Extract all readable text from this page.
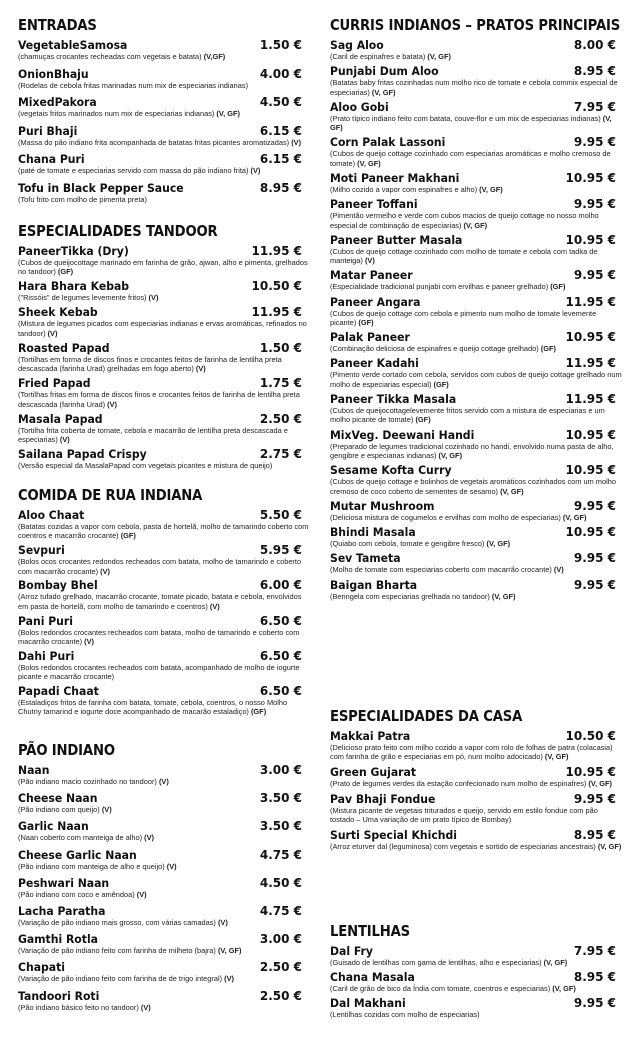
ENTRADAS
VegetableSamosa	1.50 €
(chamuças crocantes recheadas com vegetais e batata) (V,GF)
OnionBhaju	4.00 €
(Rodelas de cebola fritas marinadas num mix de especiarias indianas)
MixedPakora	4.50 €
(vegetais fritos marinados num mix de especiarias indianas) (V, GF)
Puri Bhaji	6.15 €
(Massa do pão indiano frita acompanhada de batatas fritas picantes aromatizadas) (V)
Chana Puri	6.15 €
(paté de tomate e especiarias servido com massa do pão indiano frita) (V)
Tofu in Black Pepper Sauce	8.95 €
(Tofu frito com molho de pimenta preta)
ESPECIALIDADES TANDOOR
PaneerTikka (Dry)	11.95 €
(Cubos de queijocottage marinado em farinha de grão, ajwan, alho e pimenta, grelhados no tandoor) (GF)
Hara Bhara Kebab	10.50 €
("Rissóis" de legumes levemente fritos) (V)
Sheek Kebab	11.95 €
(Mistura de legumes picados com especiarias indianas e ervas aromáticas, refinados no tandoor) (V)
Roasted Papad	1.50 €
(Tortilhas em forma de discos finos e crocantes feitos de farinha de lentilha preta descascada (farinha Urad) grelhadas em fogo aberto) (V)
Fried Papad	1.75 €
(Tortilhas fritas em forma de discos finos e crocantes feitos de farinha de lentilha preta descascada (farinha Urad) (V)
Masala Papad	2.50 €
(Tortilha frita coberta de tomate, cebola e macarrão de lentilha preta descascada e especiarias) (V)
Sailana Papad Crispy	2.75 €
(Versão especial da MasalaPapad com vegetais picantes e mistura de queijo)
COMIDA DE RUA INDIANA
Aloo Chaat	5.50 €
(Batatas cozidas a vapor com cebola, pasta de hortelã, molho de tamarindo coberto com coentros e macarrão crocante) (GF)
Sevpuri	5.95 €
(Bolos ocos crocantes redondos recheados com batata, molho de tamarindo e coberto com macarrão crocante) (V)
Bombay Bhel	6.00 €
(Arroz tufado grelhado, macarrão crocante, tomate picado, batata e cebola, envolvidos em pasta de hortelã, com molho de tamarindo e coentros) (V)
Pani Puri	6.50 €
(Bolos redondos crocantes recheados com batata, molho de tamarindo e coberto com macarrão crocante) (V)
Dahi Puri	6.50 €
(Bolos redondos crocantes recheados com batata, acompanhado de molho de iogurte picante e macarrão crocante)
Papadi Chaat	6.50 €
(Estaladiços fritos de farinha com batata, tomate, cebola, coentros, o nosso Molho Chutny tamarind e iogurte doce acompanhado de macarão estaladiço) (GF)
PÃO INDIANO
Naan	3.00 €
(Pão indiano macio cozinhado no tandoor) (V)
Cheese Naan	3.50 €
(Pão indiano com queijo) (V)
Garlic Naan	3.50 €
(Naan coberto com manteiga de alho) (V)
Cheese Garlic Naan	4.75 €
(Pão indiano com manteiga de alho e queijo) (V)
Peshwari Naan	4.50 €
(Pão indiano com coco e amêndoa) (V)
Lacha Paratha	4.75 €
(Variação de pão indiano mais grosso, com várias camadas) (V)
Gamthi Rotla	3.00 €
(Variação de pão indiano feito com farinha de milheto (bajra) (V, GF)
Chapati	2.50 €
(Variação de pão indiano feito com farinha de de trigo integral) (V)
Tandoori Roti	2.50 €
(Pão indiano básico feito no tandoor) (V)
CURRIS INDIANOS – PRATOS PRINCIPAIS
Sag Aloo	8.00 €
(Caril de espinafres e batata) (V, GF)
Punjabi Dum Aloo	8.95 €
(Batatas baby fritas cozinhadas num molho rico de tomate e cebola commix especial de especiarias) (V, GF)
Aloo Gobi	7.95 €
(Prato típico indiano feito com batata, couve-flor e um mix de especiarias indianas) (V, GF)
Corn Palak Lassoni	9.95 €
(Cubos de queijo cottage cozinhado com especiarias aromáticas e molho cremoso de tomate) (V, GF)
Moti Paneer Makhani	10.95 €
(Milho cozido a vapor com espinafres e alho) (V, GF)
Paneer Toffani	9.95 €
(Pimentão vermelho e verde com cubos macios de queijo cottage no nosso molho especial de combinação de especiarias) (V, GF)
Paneer Butter Masala	10.95 €
(Cubos de queijo cottage cozinhado com molho de tomate e cebola com tadka de manteiga) (V)
Matar Paneer	9.95 €
(Especialidade tradicional punjabi com ervilhas e paneer grelhado) (GF)
Paneer Angara	11.95 €
(Cubos de queijo cottage com cebola e pimento num molho de tomate levemente picante) (GF)
Palak Paneer	10.95 €
(Combinação deliciosa de espinafres e queijo cottage grelhado) (GF)
Paneer Kadahi	11.95 €
(Pimento verde cortado com cebola, servidos com cubos de queijo cottage grelhado num molho de especiarias especial) (GF)
Paneer Tikka Masala	11.95 €
(Cubos de queijocottagelevemente fritos servido com a mistura de especiarias e um molho picante de tomate) (GF)
MixVeg. Deewani Handi	10.95 €
(Preparado de legumes tradicional cozinhado no handi, envolvido numa pasta de alho, gengibre e especiarias indianas) (V, GF)
Sesame Kofta Curry	10.95 €
(Cubos de queijo cottage e bolinhos de vegetais aromáticos cozinhados com um molho cremoso de coco coberto de sementes de sesamo) (V, GF)
Mutar Mushroom	9.95 €
(Deliciosa mistura de cogumelos e ervilhas com molho de especiarias) (V, GF)
Bhindi Masala	10.95 €
(Quiabo com cebola, tomate e gengibre fresco) (V, GF)
Sev Tameta	9.95 €
(Molho de tomate com especiarias coberto com macarrão crocante) (V)
Baigan Bharta	9.95 €
(Beringela com especiarias grelhada no tandoor) (V, GF)
ESPECIALIDADES DA CASA
Makkai Patra	10.50 €
(Delicioso prato feito com milho cozido a vapor com rolo de folhas de patra (colacasia) com farinha de grão e especiarias em pó, num molho adocicado) (V, GF)
Green Gujarat	10.95 €
(Prato de legumes verdes da estação confecionado num molho de espinafres) (V, GF)
Pav Bhaji Fondue	9.95 €
(Mistura picante de vegetais triturados e queijo, servido em estilo fondue com pão tostado – Uma variação de um prato típico de Bombay)
Surti Special Khichdi	8.95 €
(Arroz eturver dal (leguminosa) com vegetais e sortido de especiarias ancestrais) (V, GF)
LENTILHAS
Dal Fry	7.95 €
(Guisado de lentilhas com gama de lentilhas, alho e especiarias) (V, GF)
Chana Masala	8.95 €
(Caril de grão de bico da Índia com tomate, coentros e especiarias) (V, GF)
Dal Makhani	9.95 €
(Lentilhas cozidas com molho de especiarias)
